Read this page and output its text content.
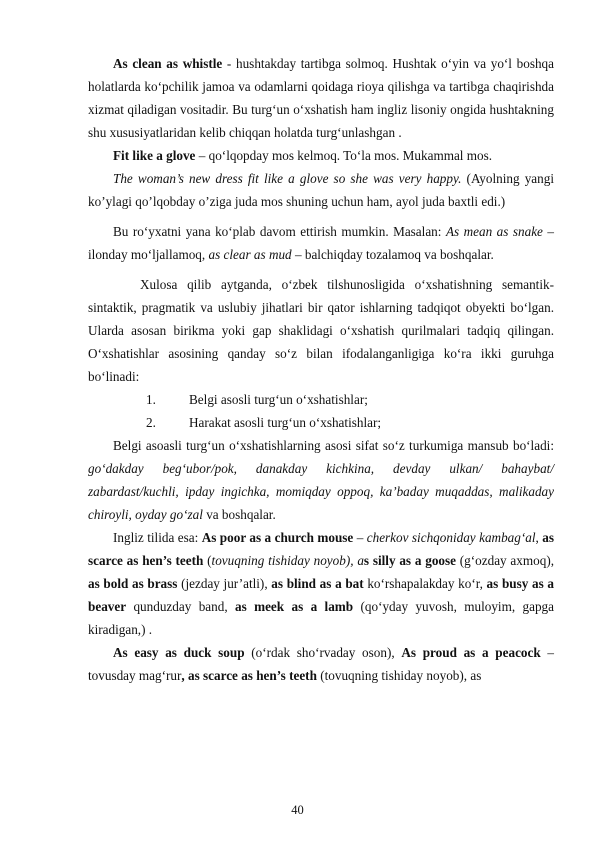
As clean as whistle - hushtakday tartibga solmoq. Hushtak o‘yin va yo‘l boshqa holatlarda ko‘pchilik jamoa va odamlarni qoidaga rioya qilishga va tartibga chaqirishda xizmat qiladigan vositadir. Bu turg‘un o‘xshatish ham ingliz lisoniy ongida hushtakning shu xususiyatlaridan kelib chiqqan holatda turg‘unlashgan .

Fit like a glove – qo‘lqopday mos kelmoq. To‘la mos. Mukammal mos.

The woman’s new dress fit like a glove so she was very happy. (Ayolning yangi ko’ylagi qo’lqobday o’ziga juda mos shuning uchun ham, ayol juda baxtli edi.)

Bu ro‘yxatni yana ko‘plab davom ettirish mumkin. Masalan: As mean as snake – ilonday mo‘ljallamoq, as clear as mud – balchiqday tozalamoq va boshqalar.

Xulosa qilib aytganda, o‘zbek tilshunosligida o‘xshatishning semantik-sintaktik, pragmatik va uslubiy jihatlari bir qator ishlarning tadqiqot obyekti bo‘lgan. Ularda asosan birikma yoki gap shaklidagi o‘xshatish qurilmalari tadqiq qilingan. O‘xshatishlar asosining qanday so‘z bilan ifodalanganligiga ko‘ra ikki guruhga bo‘linadi:

1.	Belgi asosli turg‘un o‘xshatishlar;
2.	Harakat asosli turg‘un o‘xshatishlar;

Belgi asoasli turg‘un o‘xshatishlarning asosi sifat so‘z turkumiga mansub bo‘ladi: go‘dakday beg‘ubor/pok, danakday kichkina, devday ulkan/ bahaybat/ zabardast/kuchli, ipday ingichka, momiqday oppoq, ka’baday muqaddas, malikaday chiroyli, oyday go‘zal va boshqalar.

Ingliz tilida esa: As poor as a church mouse – cherkov sichqoniday kambag‘al, as scarce as hen’s teeth (tovuqning tishiday noyob), as silly as a goose (g‘ozday axmoq), as bold as brass (jezday jur’atli), as blind as a bat ko‘rshapalakday ko‘r, as busy as a beaver qunduzday band, as meek as a lamb (qo‘yday yuvosh, muloyim, gapga kiradigan,) .

As easy as duck soup (o‘rdak sho‘rvaday oson), As proud as a peacock – tovusday mag‘rur, as scarce as hen’s teeth (tovuqning tishiday noyob), as

40
